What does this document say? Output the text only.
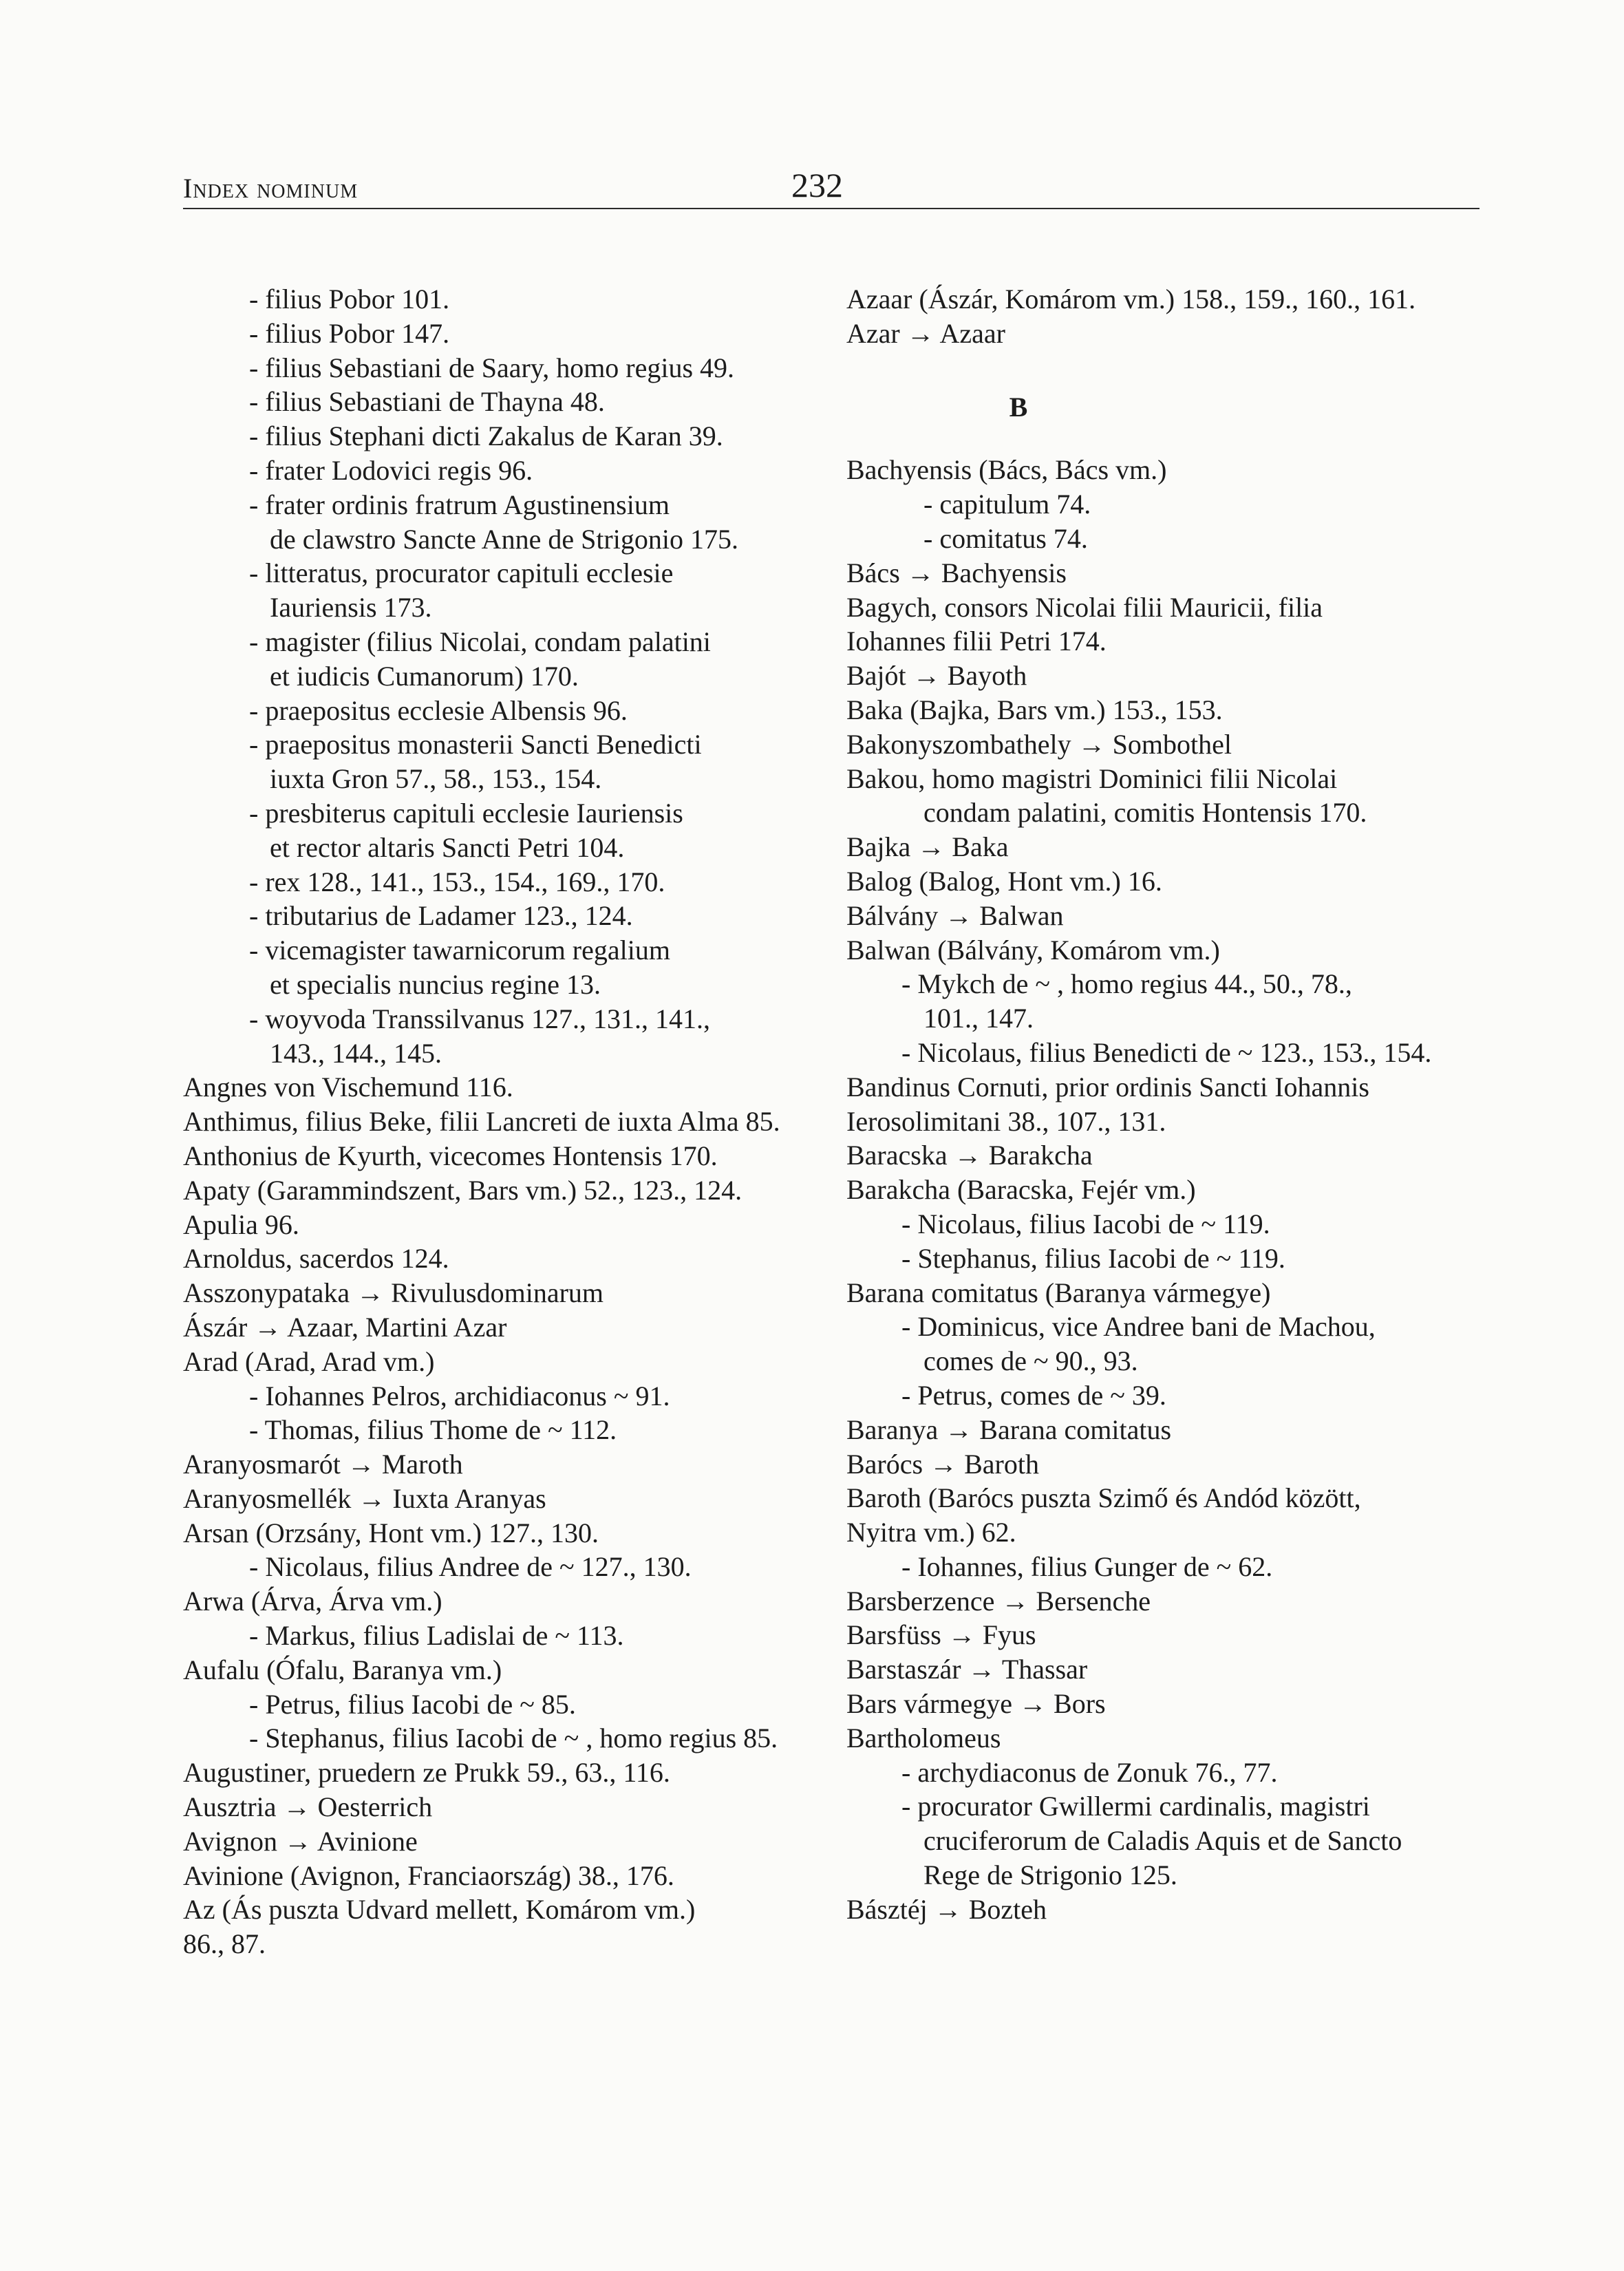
Index nominum	232
- filius Pobor 101.
- filius Pobor 147.
- filius Sebastiani de Saary, homo regius 49.
- filius Sebastiani de Thayna 48.
- filius Stephani dicti Zakalus de Karan 39.
- frater Lodovici regis 96.
- frater ordinis fratrum Agustinensium
de clawstro Sancte Anne de Strigonio 175.
- litteratus, procurator capituli ecclesie
Iauriensis 173.
- magister (filius Nicolai, condam palatini
et iudicis Cumanorum) 170.
- praepositus ecclesie Albensis 96.
- praepositus monasterii Sancti Benedicti
iuxta Gron 57., 58., 153., 154.
- presbiterus capituli ecclesie Iauriensis
et rector altaris Sancti Petri 104.
- rex 128., 141., 153., 154., 169., 170.
- tributarius de Ladamer 123., 124.
- vicemagister tawarnicorum regalium
et specialis nuncius regine 13.
- woyvoda Transsilvanus 127., 131., 141.,
143., 144., 145.
Angnes von Vischemund 116.
Anthimus, filius Beke, filii Lancreti de iuxta Alma 85.
Anthonius de Kyurth, vicecomes Hontensis 170.
Apaty (Garammindszent, Bars vm.) 52., 123., 124.
Apulia 96.
Arnoldus, sacerdos 124.
Asszonypataka → Rivulusdominarum
Ászár → Azaar, Martini Azar
Arad (Arad, Arad vm.)
- Iohannes Pelros, archidiaconus ~ 91.
- Thomas, filius Thome de ~ 112.
Aranyosmarót → Maroth
Aranyosmellék → Iuxta Aranyas
Arsan (Orzsány, Hont vm.) 127., 130.
- Nicolaus, filius Andree de ~ 127., 130.
Arwa (Árva, Árva vm.)
- Markus, filius Ladislai de ~ 113.
Aufalu (Ófalu, Baranya vm.)
- Petrus, filius Iacobi de ~ 85.
- Stephanus, filius Iacobi de ~ , homo regius 85.
Augustiner, pruedern ze Prukk 59., 63., 116.
Ausztria → Oesterrich
Avignon → Avinione
Avinione (Avignon, Franciaország) 38., 176.
Az (Ás puszta Udvard mellett, Komárom vm.)
86., 87.
Azaar (Ászár, Komárom vm.) 158., 159., 160., 161.
Azar → Azaar
B
Bachyensis (Bács, Bács vm.)
- capitulum 74.
- comitatus 74.
Bács → Bachyensis
Bagych, consors Nicolai filii Mauricii, filia
Iohannes filii Petri 174.
Bajót → Bayoth
Baka (Bajka, Bars vm.) 153., 153.
Bakonyszombathely → Sombothel
Bakou, homo magistri Dominici filii Nicolai
condam palatini, comitis Hontensis 170.
Bajka → Baka
Balog (Balog, Hont vm.) 16.
Bálvány → Balwan
Balwan (Bálvány, Komárom vm.)
- Mykch de ~ , homo regius 44., 50., 78.,
101., 147.
- Nicolaus, filius Benedicti de ~ 123., 153., 154.
Bandinus Cornuti, prior ordinis Sancti Iohannis
Ierosolimitani 38., 107., 131.
Baracska → Barakcha
Barakcha (Baracska, Fejér vm.)
- Nicolaus, filius Iacobi de ~ 119.
- Stephanus, filius Iacobi de ~ 119.
Barana comitatus (Baranya vármegye)
- Dominicus, vice Andree bani de Machou,
comes de ~ 90., 93.
- Petrus, comes de ~ 39.
Baranya → Barana comitatus
Barócs → Baroth
Baroth (Barócs puszta Szimő és Andód között,
Nyitra vm.) 62.
- Iohannes, filius Gunger de ~ 62.
Barsberzence → Bersenche
Barsfüss → Fyus
Barstaszár → Thassar
Bars vármegye → Bors
Bartholomeus
- archydiaconus de Zonuk 76., 77.
- procurator Gwillermi cardinalis, magistri
cruciferorum de Caladis Aquis et de Sancto
Rege de Strigonio 125.
Básztéj → Bozteh
